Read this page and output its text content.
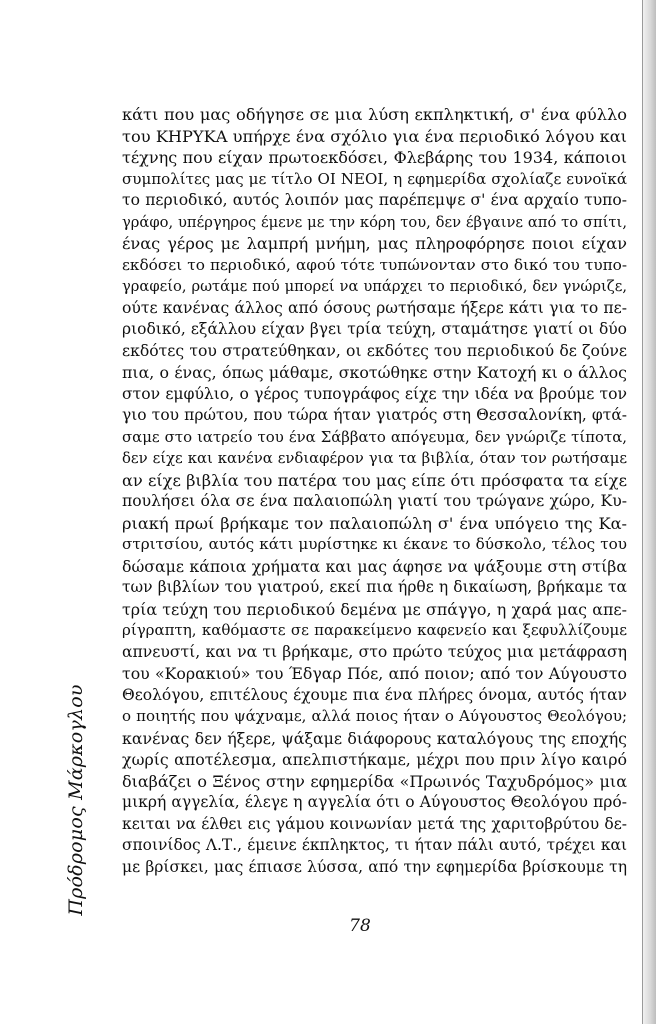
Πρόδρομος Μάρκογλου
κάτι που μας οδήγησε σε μια λύση εκπληκτική, σ' ένα φύλλο
του ΚΗΡΥΚΑ υπήρχε ένα σχόλιο για ένα περιοδικό λόγου και
τέχνης που είχαν πρωτοεκδόσει, Φλεβάρης του 1934, κάποιοι
συμπολίτες μας με τίτλο ΟΙ ΝΕΟΙ, η εφημερίδα σχολίαζε ευνοϊκά
το περιοδικό, αυτός λοιπόν μας παρέπεμψε σ' ένα αρχαίο τυπο-
γράφο, υπέργηρος έμενε με την κόρη του, δεν έβγαινε από το σπίτι,
ένας γέρος με λαμπρή μνήμη, μας πληροφόρησε ποιοι είχαν
εκδόσει το περιοδικό, αφού τότε τυπώνονταν στο δικό του τυπο-
γραφείο, ρωτάμε πού μπορεί να υπάρχει το περιοδικό, δεν γνώριζε,
ούτε κανένας άλλος από όσους ρωτήσαμε ήξερε κάτι για το πε-
ριοδικό, εξάλλου είχαν βγει τρία τεύχη, σταμάτησε γιατί οι δύο
εκδότες του στρατεύθηκαν, οι εκδότες του περιοδικού δε ζούνε
πια, ο ένας, όπως μάθαμε, σκοτώθηκε στην Κατοχή κι ο άλλος
στον εμφύλιο, ο γέρος τυπογράφος είχε την ιδέα να βρούμε τον
γιο του πρώτου, που τώρα ήταν γιατρός στη Θεσσαλονίκη, φτά-
σαμε στο ιατρείο του ένα Σάββατο απόγευμα, δεν γνώριζε τίποτα,
δεν είχε και κανένα ενδιαφέρον για τα βιβλία, όταν τον ρωτήσαμε
αν είχε βιβλία του πατέρα του μας είπε ότι πρόσφατα τα είχε
πουλήσει όλα σε ένα παλαιοπώλη γιατί του τρώγανε χώρο, Κυ-
ριακή πρωί βρήκαμε τον παλαιοπώλη σ' ένα υπόγειο της Κα-
στριτσίου, αυτός κάτι μυρίστηκε κι έκανε το δύσκολο, τέλος του
δώσαμε κάποια χρήματα και μας άφησε να ψάξουμε στη στίβα
των βιβλίων του γιατρού, εκεί πια ήρθε η δικαίωση, βρήκαμε τα
τρία τεύχη του περιοδικού δεμένα με σπάγγο, η χαρά μας απε-
ρίγραπτη, καθόμαστε σε παρακείμενο καφενείο και ξεφυλλίζουμε
απνευστί, και να τι βρήκαμε, στο πρώτο τεύχος μια μετάφραση
του «Κορακιού» του Έδγαρ Πόε, από ποιον; από τον Αύγουστο
Θεολόγου, επιτέλους έχουμε πια ένα πλήρες όνομα, αυτός ήταν
ο ποιητής που ψάχναμε, αλλά ποιος ήταν ο Αύγουστος Θεολόγου;
κανένας δεν ήξερε, ψάξαμε διάφορους καταλόγους της εποχής
χωρίς αποτέλεσμα, απελπιστήκαμε, μέχρι που πριν λίγο καιρό
διαβάζει ο Ξένος στην εφημερίδα «Πρωινός Ταχυδρόμος» μια
μικρή αγγελία, έλεγε η αγγελία ότι ο Αύγουστος Θεολόγου πρό-
κειται να έλθει εις γάμου κοινωνίαν μετά της χαριτοβρύτου δε-
σποινίδος Λ.Τ., έμεινε έκπληκτος, τι ήταν πάλι αυτό, τρέχει και
με βρίσκει, μας έπιασε λύσσα, από την εφημερίδα βρίσκουμε τη
78
